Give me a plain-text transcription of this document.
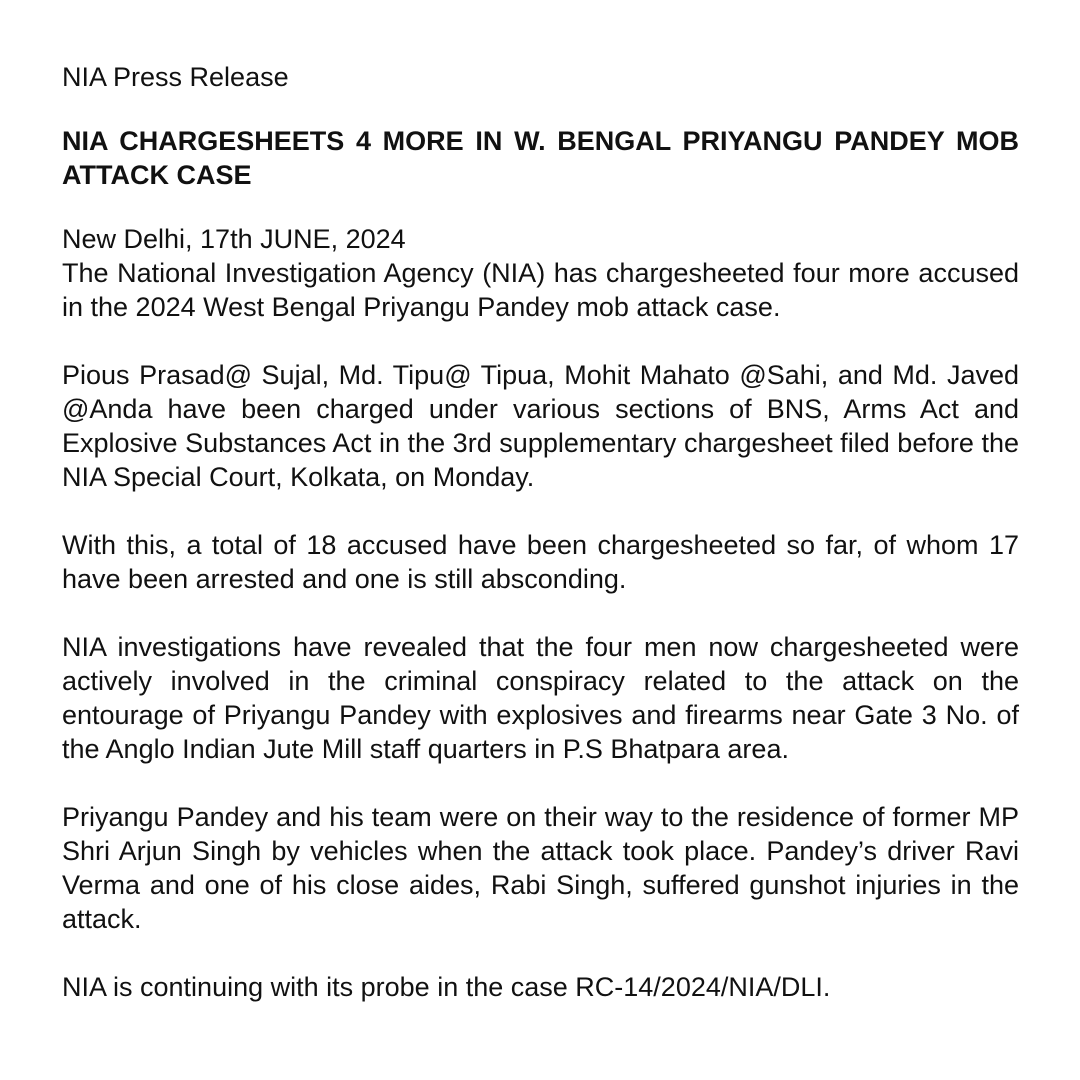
NIA Press Release
NIA CHARGESHEETS 4 MORE IN W. BENGAL PRIYANGU PANDEY MOB ATTACK CASE
New Delhi, 17th JUNE, 2024
The National Investigation Agency (NIA) has chargesheeted four more accused in the 2024 West Bengal Priyangu Pandey mob attack case.
Pious Prasad@ Sujal, Md. Tipu@ Tipua, Mohit Mahato @Sahi, and Md. Javed @Anda have been charged under various sections of BNS, Arms Act and Explosive Substances Act in the 3rd supplementary chargesheet filed before the NIA Special Court, Kolkata, on Monday.
With this, a total of 18 accused have been chargesheeted so far, of whom 17 have been arrested and one is still absconding.
NIA investigations have revealed that the four men now chargesheeted were actively involved in the criminal conspiracy related to the attack on the entourage of Priyangu Pandey with explosives and firearms near Gate 3 No. of the Anglo Indian Jute Mill staff quarters in P.S Bhatpara area.
Priyangu Pandey and his team were on their way to the residence of former MP Shri Arjun Singh by vehicles when the attack took place. Pandey’s driver Ravi Verma and one of his close aides, Rabi Singh, suffered gunshot injuries in the attack.
NIA is continuing with its probe in the case RC-14/2024/NIA/DLI.
